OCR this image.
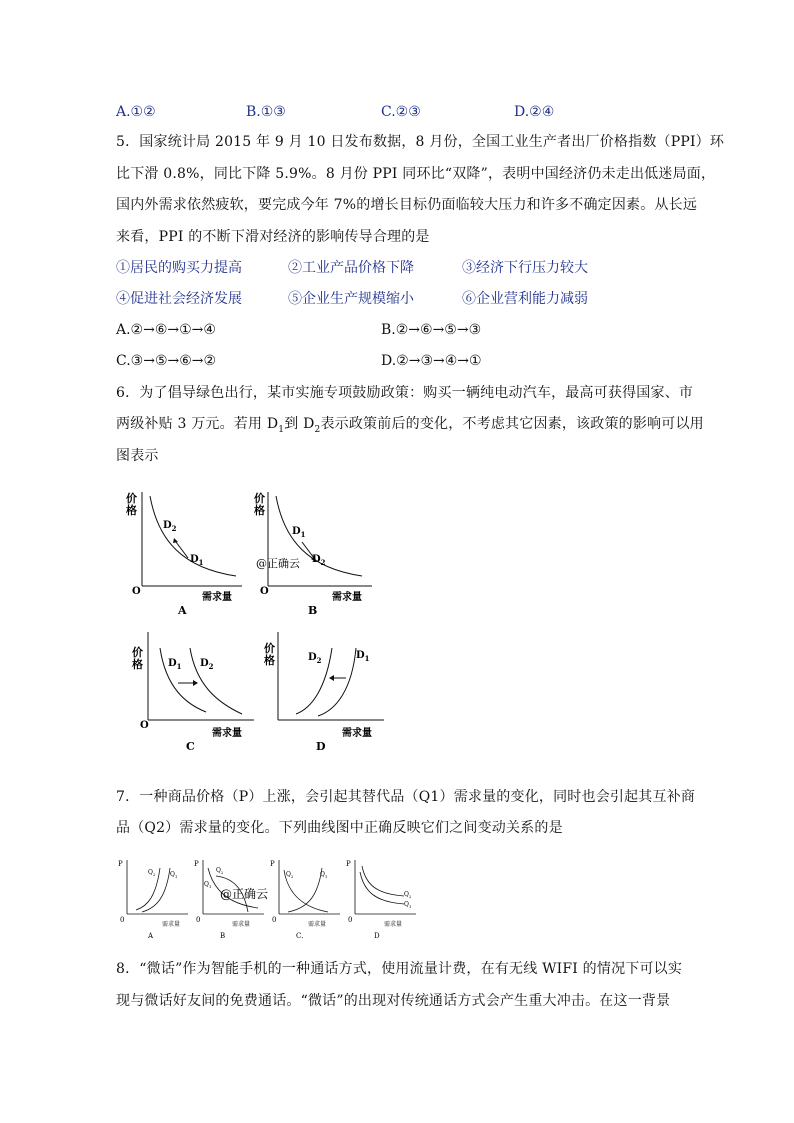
A.①②	B.①③	C.②③	D.②④
5．国家统计局 2015 年 9 月 10 日发布数据，8 月份，全国工业生产者出厂价格指数（PPI）环
比下滑 0.8%，同比下降 5.9%。8 月份 PPI 同环比“双降”，表明中国经济仍未走出低迷局面，
国内外需求依然疲软，要完成今年 7%的增长目标仍面临较大压力和许多不确定因素。从长远
来看，PPI 的不断下滑对经济的影响传导合理的是
①居民的购买力提高	②工业产品价格下降	③经济下行压力较大
④促进社会经济发展	⑤企业生产规模缩小	⑥企业营利能力减弱
A.②→⑥→①→④	B.②→⑥→⑤→③
C.③→⑤→⑥→②	D.②→③→④→①
6．为了倡导绿色出行，某市实施专项鼓励政策：购买一辆纯电动汽车，最高可获得国家、市
两级补贴 3 万元。若用 $D_1$到 $D_2$表示政策前后的变化，不考虑其它因素，该政策的影响可以用
图表示
价
格
$D_2$
$D_1$
O
需求量
A
价
格
$D_1$
$D_2$
@正确云
O
需求量
B
价
格	$D_1$ $D_2$
O
需求量
C
价
格	$D_2$	$D_1$
需求量
D
7．一种商品价格（P）上涨，会引起其替代品（Q1）需求量的变化，同时也会引起其互补商
品（Q2）需求量的变化。下列曲线图中正确反映它们之间变动关系的是
P
$Q_2$ $Q_1$
0
需求量
A
P
$Q_2$
$Q_1$
@正确云
0
需求量
B
P
$Q_2$	$Q_1$
0
需求量
C.
P
$Q_2$
$Q_1$
0
需求量
D
8．“微话”作为智能手机的一种通话方式，使用流量计费，在有无线 WIFI 的情况下可以实
现与微话好友间的免费通话。“微话”的出现对传统通话方式会产生重大冲击。在这一背景
